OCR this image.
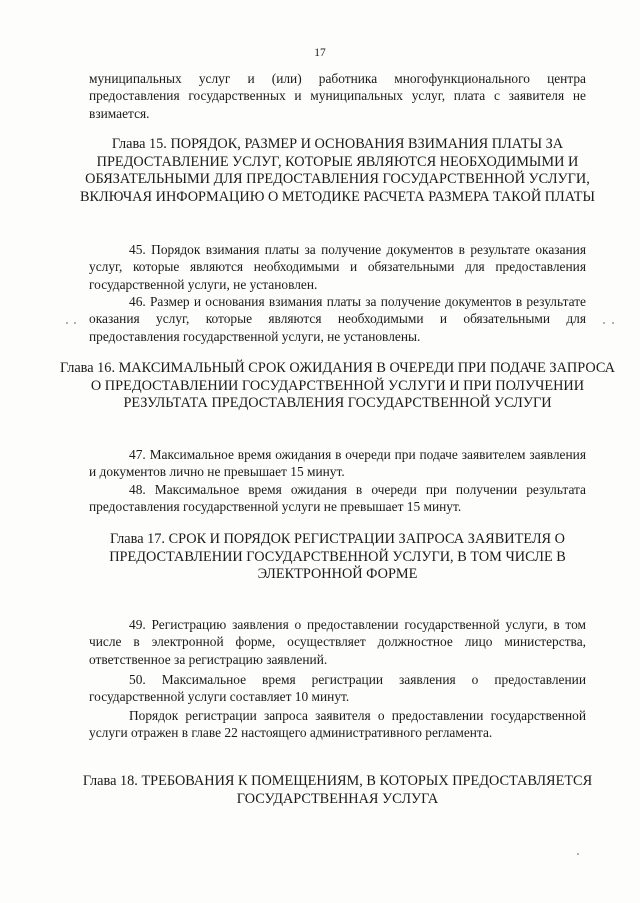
17
муниципальных услуг и (или) работника многофункционального центра предоставления государственных и муниципальных услуг, плата с заявителя не взимается.
Глава 15. ПОРЯДОК, РАЗМЕР И ОСНОВАНИЯ ВЗИМАНИЯ ПЛАТЫ ЗА ПРЕДОСТАВЛЕНИЕ УСЛУГ, КОТОРЫЕ ЯВЛЯЮТСЯ НЕОБХОДИМЫМИ И ОБЯЗАТЕЛЬНЫМИ ДЛЯ ПРЕДОСТАВЛЕНИЯ ГОСУДАРСТВЕННОЙ УСЛУГИ, ВКЛЮЧАЯ ИНФОРМАЦИЮ О МЕТОДИКЕ РАСЧЕТА РАЗМЕРА ТАКОЙ ПЛАТЫ
45. Порядок взимания платы за получение документов в результате оказания услуг, которые являются необходимыми и обязательными для предоставления государственной услуги, не установлен.
46. Размер и основания взимания платы за получение документов в результате оказания услуг, которые являются необходимыми и обязательными для предоставления государственной услуги, не установлены.
Глава 16. МАКСИМАЛЬНЫЙ СРОК ОЖИДАНИЯ В ОЧЕРЕДИ ПРИ ПОДАЧЕ ЗАПРОСА О ПРЕДОСТАВЛЕНИИ ГОСУДАРСТВЕННОЙ УСЛУГИ И ПРИ ПОЛУЧЕНИИ РЕЗУЛЬТАТА ПРЕДОСТАВЛЕНИЯ ГОСУДАРСТВЕННОЙ УСЛУГИ
47. Максимальное время ожидания в очереди при подаче заявителем заявления и документов лично не превышает 15 минут.
48. Максимальное время ожидания в очереди при получении результата предоставления государственной услуги не превышает 15 минут.
Глава 17. СРОК И ПОРЯДОК РЕГИСТРАЦИИ ЗАПРОСА ЗАЯВИТЕЛЯ О ПРЕДОСТАВЛЕНИИ ГОСУДАРСТВЕННОЙ УСЛУГИ, В ТОМ ЧИСЛЕ В ЭЛЕКТРОННОЙ ФОРМЕ
49. Регистрацию заявления о предоставлении государственной услуги, в том числе в электронной форме, осуществляет должностное лицо министерства, ответственное за регистрацию заявлений.
50. Максимальное время регистрации заявления о предоставлении государственной услуги составляет 10 минут.
Порядок регистрации запроса заявителя о предоставлении государственной услуги отражен в главе 22 настоящего административного регламента.
Глава 18. ТРЕБОВАНИЯ К ПОМЕЩЕНИЯМ, В КОТОРЫХ ПРЕДОСТАВЛЯЕТСЯ ГОСУДАРСТВЕННАЯ УСЛУГА
